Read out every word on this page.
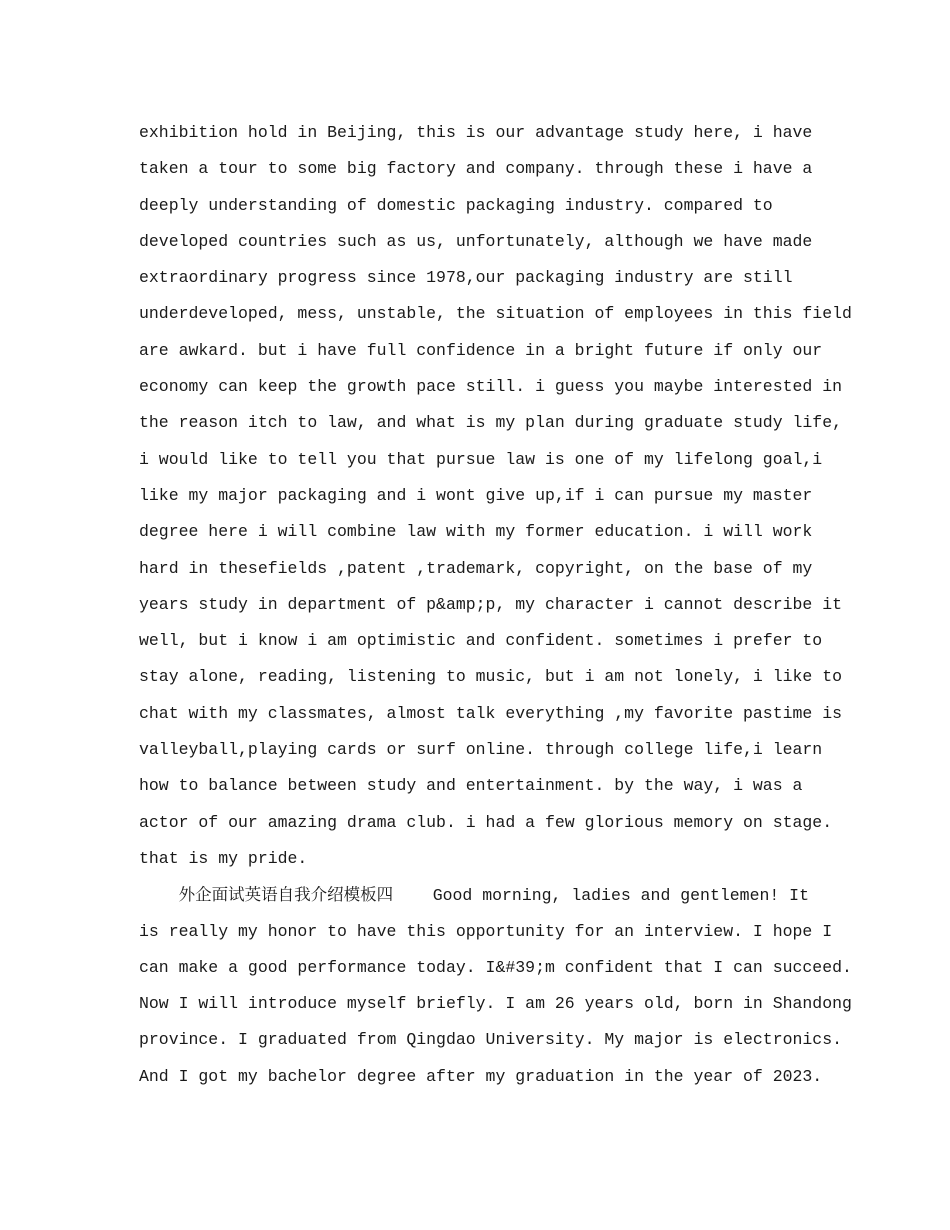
exhibition hold in Beijing, this is our advantage study here, i have
taken a tour to some big factory and company. through these i have a
deeply understanding of domestic packaging industry. compared to
developed countries such as us, unfortunately, although we have made
extraordinary progress since 1978,our packaging industry are still
underdeveloped, mess, unstable, the situation of employees in this field
are awkard. but i have full confidence in a bright future if only our
economy can keep the growth pace still. i guess you maybe interested in
the reason itch to law, and what is my plan during graduate study life,
i would like to tell you that pursue law is one of my lifelong goal,i
like my major packaging and i wont give up,if i can pursue my master
degree here i will combine law with my former education. i will work
hard in thesefields ,patent ,trademark, copyright, on the base of my
years study in department of p&amp;p, my character i cannot describe it
well, but i know i am optimistic and confident. sometimes i prefer to
stay alone, reading, listening to music, but i am not lonely, i like to
chat with my classmates, almost talk everything ,my favorite pastime is
valleyball,playing cards or surf online. through college life,i learn
how to balance between study and entertainment. by the way, i was a
actor of our amazing drama club. i had a few glorious memory on stage.
that is my pride.
外企面试英语自我介绍模板四 Good morning, ladies and gentlemen! It
is really my honor to have this opportunity for an interview. I hope I
can make a good performance today. I&#39;m confident that I can succeed.
Now I will introduce myself briefly. I am 26 years old, born in Shandong
province. I graduated from Qingdao University. My major is electronics.
And I got my bachelor degree after my graduation in the year of 2023.
